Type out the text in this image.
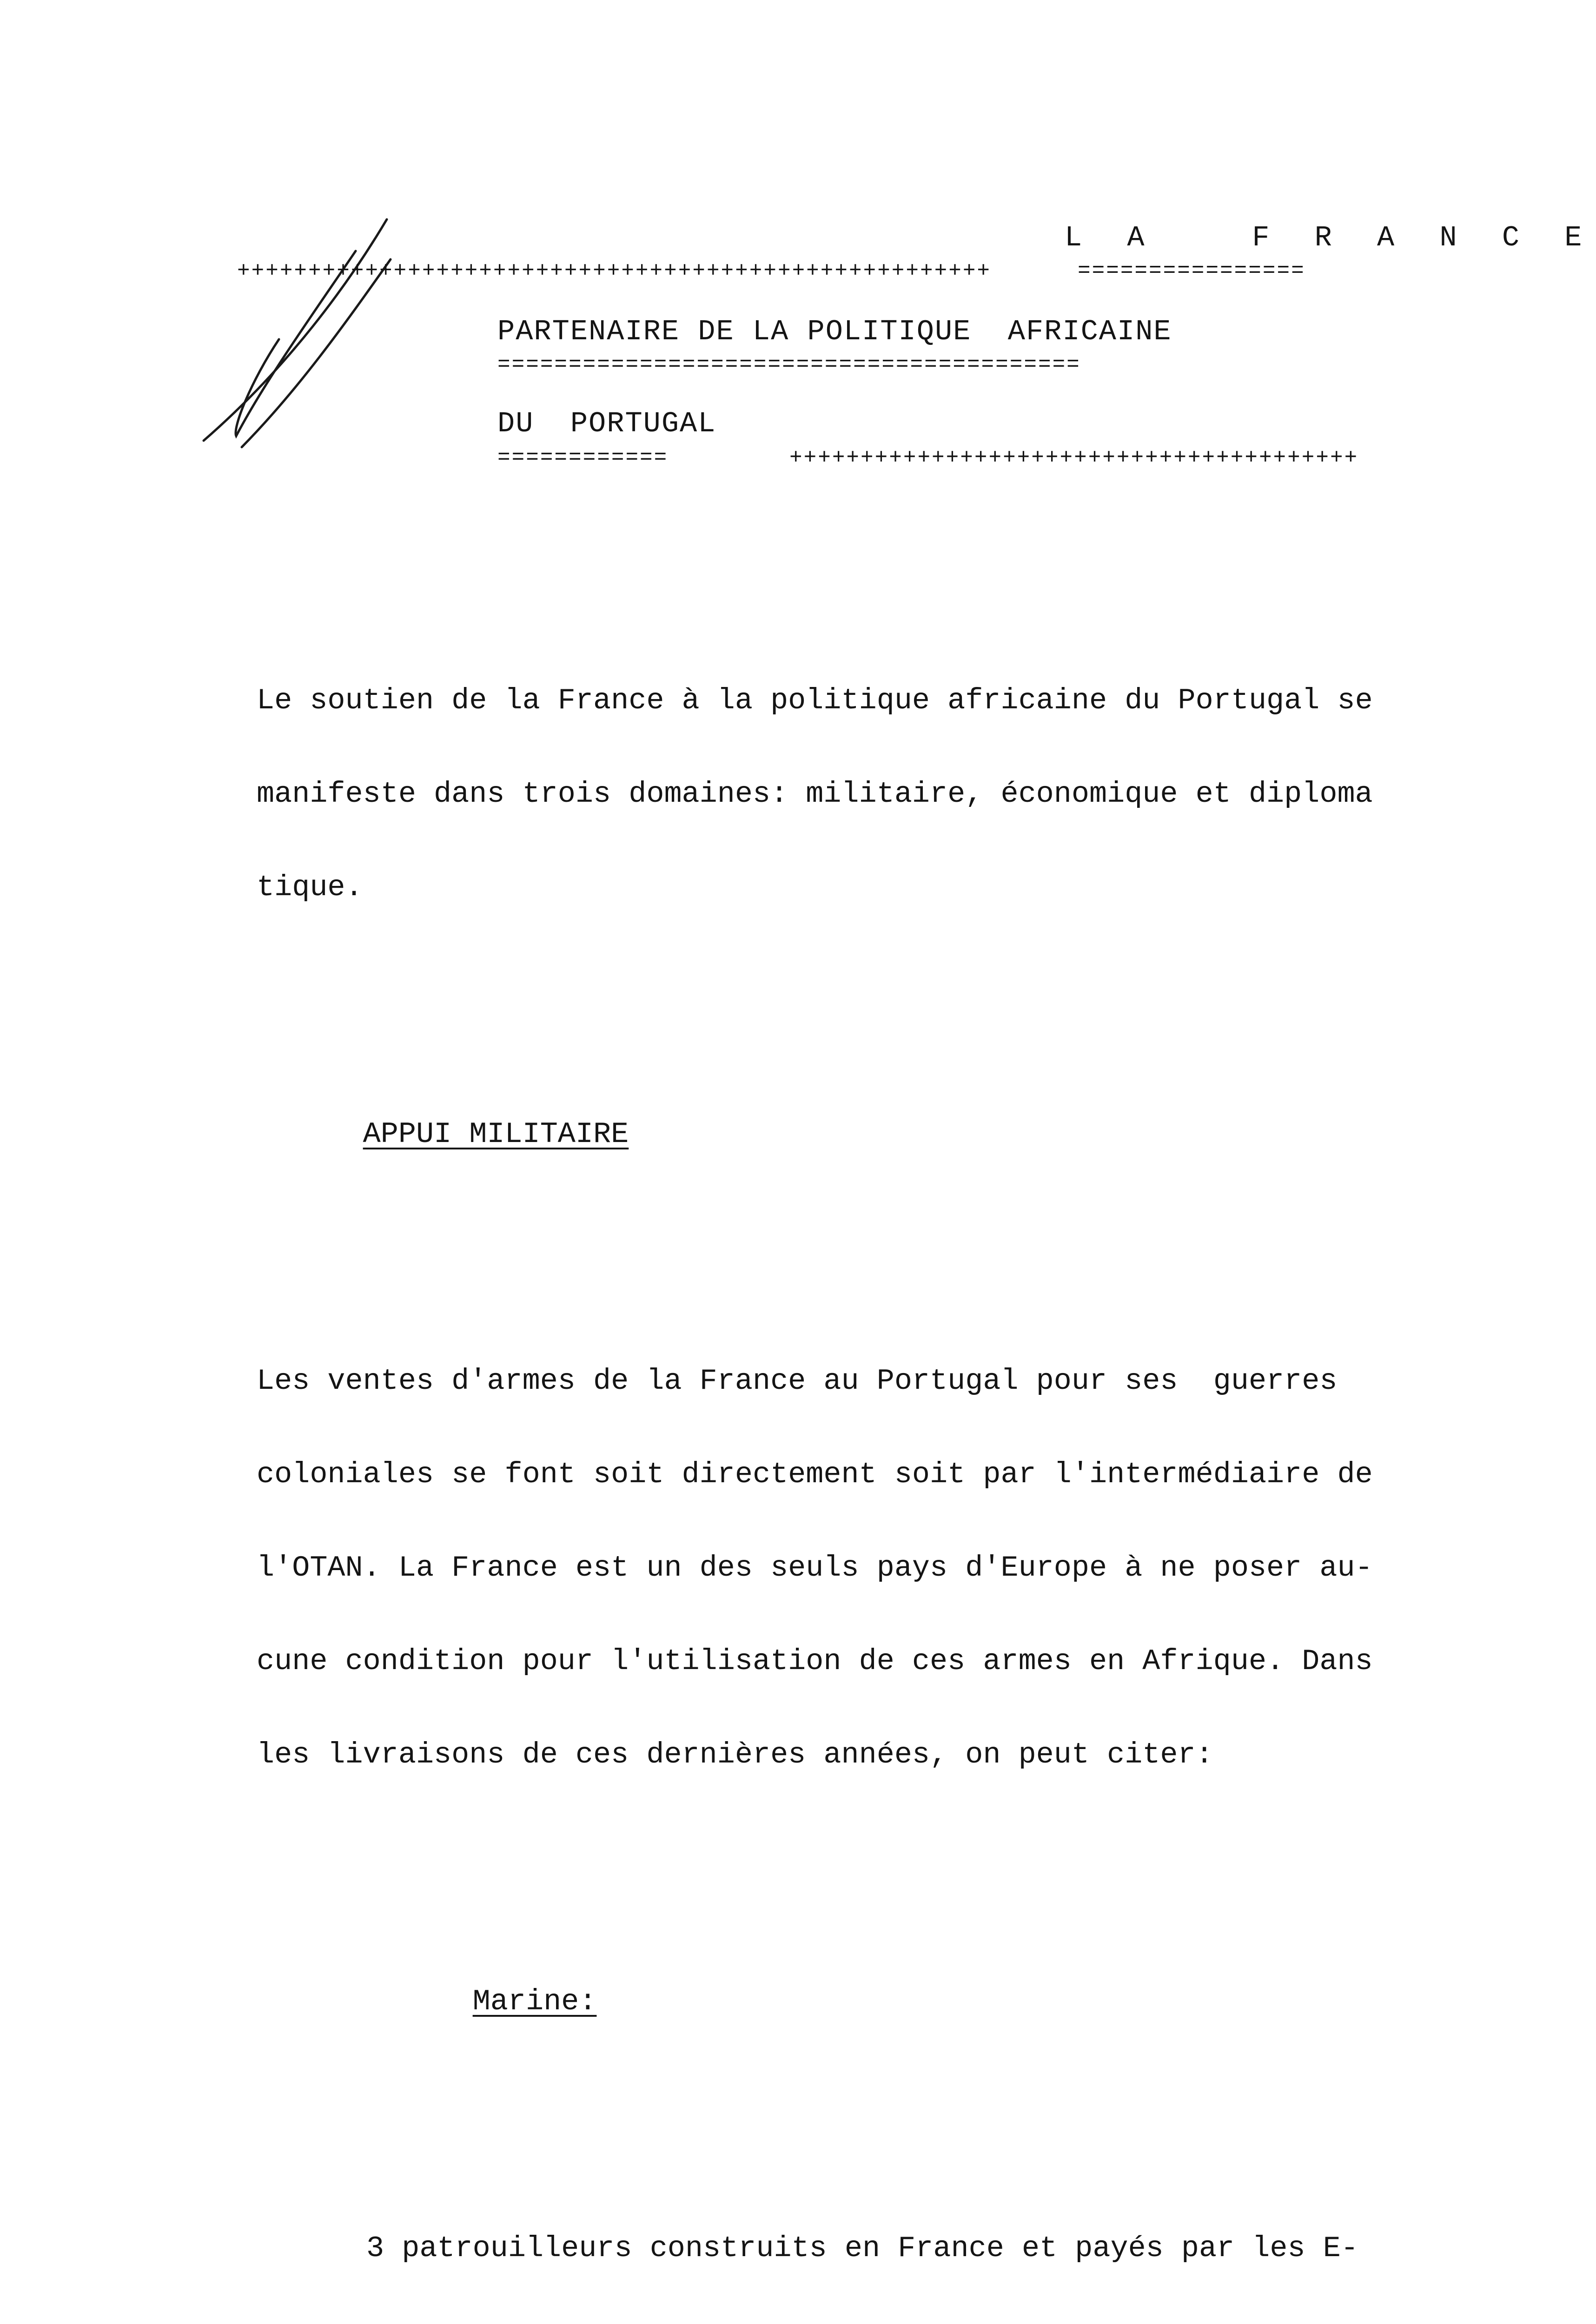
L A   F R A N C E
+++++++++++++++++++++++++++++++++++++++++++++++++++++	================
PARTENAIRE DE LA POLITIQUE  AFRICAINE
=========================================
DU  PORTUGAL
============	++++++++++++++++++++++++++++++++++++++++

Le soutien de la France à la politique africaine du Portugal se

manifeste dans trois domaines: militaire, économique et diploma

tique.

APPUI MILITAIRE

Les ventes d'armes de la France au Portugal pour ses  guerres

coloniales se font soit directement soit par l'intermédiaire de

l'OTAN. La France est un des seuls pays d'Europe à ne poser au-

cune condition pour l'utilisation de ces armes en Afrique. Dans

les livraisons de ces dernières années, on peut citer:

Marine:

3 patrouilleurs construits en France et payés par les E-
